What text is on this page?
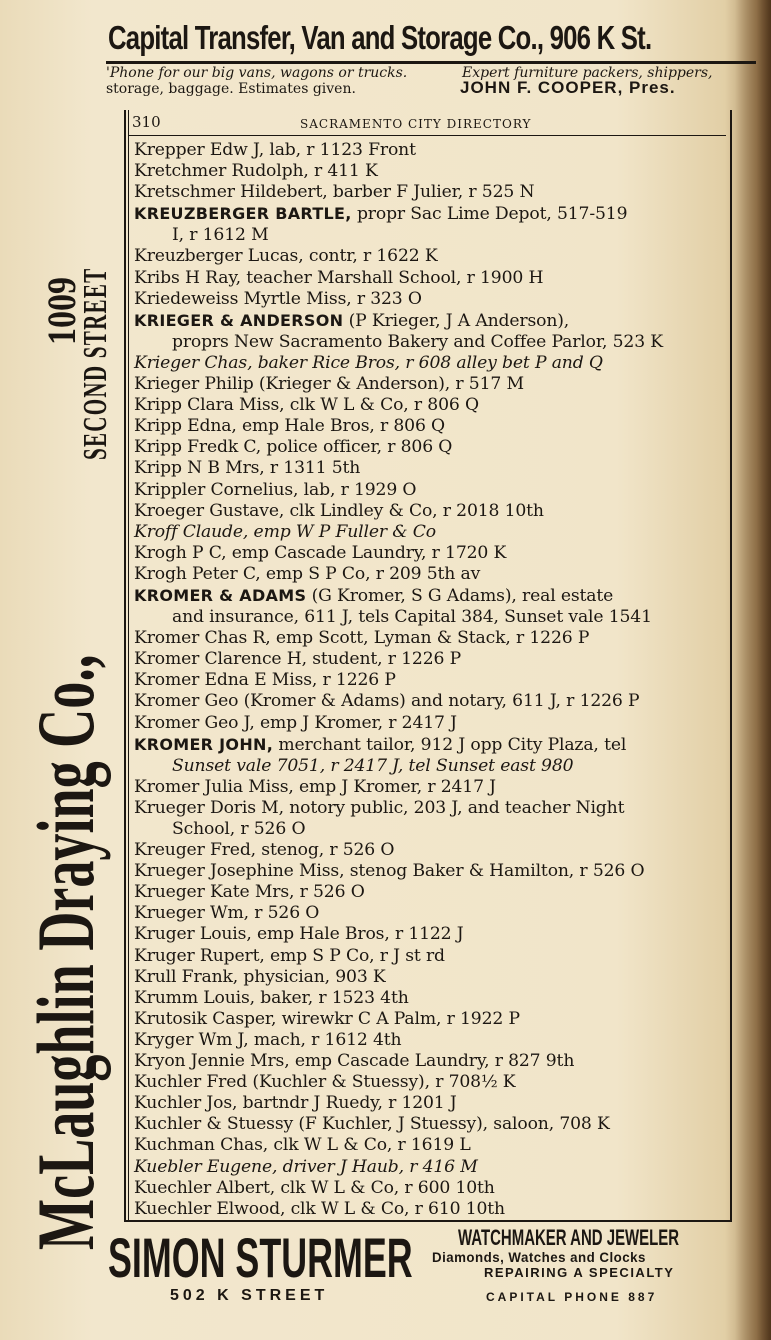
Capital Transfer, Van and Storage Co., 906 K St.
'Phone for our big vans, wagons or trucks.	Expert furniture packers, shippers,
storage, baggage. Estimates given.	JOHN F. COOPER, Pres.
McLaughlin Draying Co.,
1009
SECOND STREET
310	SACRAMENTO CITY DIRECTORY
Krepper Edw J, lab, r 1123 Front
Kretchmer Rudolph, r 411 K
Kretschmer Hildebert, barber F Julier, r 525 N
KREUZBERGER BARTLE, propr Sac Lime Depot, 517-519
I, r 1612 M
Kreuzberger Lucas, contr, r 1622 K
Kribs H Ray, teacher Marshall School, r 1900 H
Kriedeweiss Myrtle Miss, r 323 O
KRIEGER & ANDERSON (P Krieger, J A Anderson),
proprs New Sacramento Bakery and Coffee Parlor, 523 K
Krieger Chas, baker Rice Bros, r 608 alley bet P and Q
Krieger Philip (Krieger & Anderson), r 517 M
Kripp Clara Miss, clk W L & Co, r 806 Q
Kripp Edna, emp Hale Bros, r 806 Q
Kripp Fredk C, police officer, r 806 Q
Kripp N B Mrs, r 1311 5th
Krippler Cornelius, lab, r 1929 O
Kroeger Gustave, clk Lindley & Co, r 2018 10th
Kroff Claude, emp W P Fuller & Co
Krogh P C, emp Cascade Laundry, r 1720 K
Krogh Peter C, emp S P Co, r 209 5th av
KROMER & ADAMS (G Kromer, S G Adams), real estate
and insurance, 611 J, tels Capital 384, Sunset vale 1541
Kromer Chas R, emp Scott, Lyman & Stack, r 1226 P
Kromer Clarence H, student, r 1226 P
Kromer Edna E Miss, r 1226 P
Kromer Geo (Kromer & Adams) and notary, 611 J, r 1226 P
Kromer Geo J, emp J Kromer, r 2417 J
KROMER JOHN, merchant tailor, 912 J opp City Plaza, tel
Sunset vale 7051, r 2417 J, tel Sunset east 980
Kromer Julia Miss, emp J Kromer, r 2417 J
Krueger Doris M, notory public, 203 J, and teacher Night
School, r 526 O
Kreuger Fred, stenog, r 526 O
Krueger Josephine Miss, stenog Baker & Hamilton, r 526 O
Krueger Kate Mrs, r 526 O
Krueger Wm, r 526 O
Kruger Louis, emp Hale Bros, r 1122 J
Kruger Rupert, emp S P Co, r J st rd
Krull Frank, physician, 903 K
Krumm Louis, baker, r 1523 4th
Krutosik Casper, wirewkr C A Palm, r 1922 P
Kryger Wm J, mach, r 1612 4th
Kryon Jennie Mrs, emp Cascade Laundry, r 827 9th
Kuchler Fred (Kuchler & Stuessy), r 708½ K
Kuchler Jos, bartndr J Ruedy, r 1201 J
Kuchler & Stuessy (F Kuchler, J Stuessy), saloon, 708 K
Kuchman Chas, clk W L & Co, r 1619 L
Kuebler Eugene, driver J Haub, r 416 M
Kuechler Albert, clk W L & Co, r 600 10th
Kuechler Elwood, clk W L & Co, r 610 10th
SIMON STURMER WATCHMAKER AND JEWELER
Diamonds, Watches and Clocks
REPAIRING A SPECIALTY
502 K STREET	CAPITAL PHONE 887
